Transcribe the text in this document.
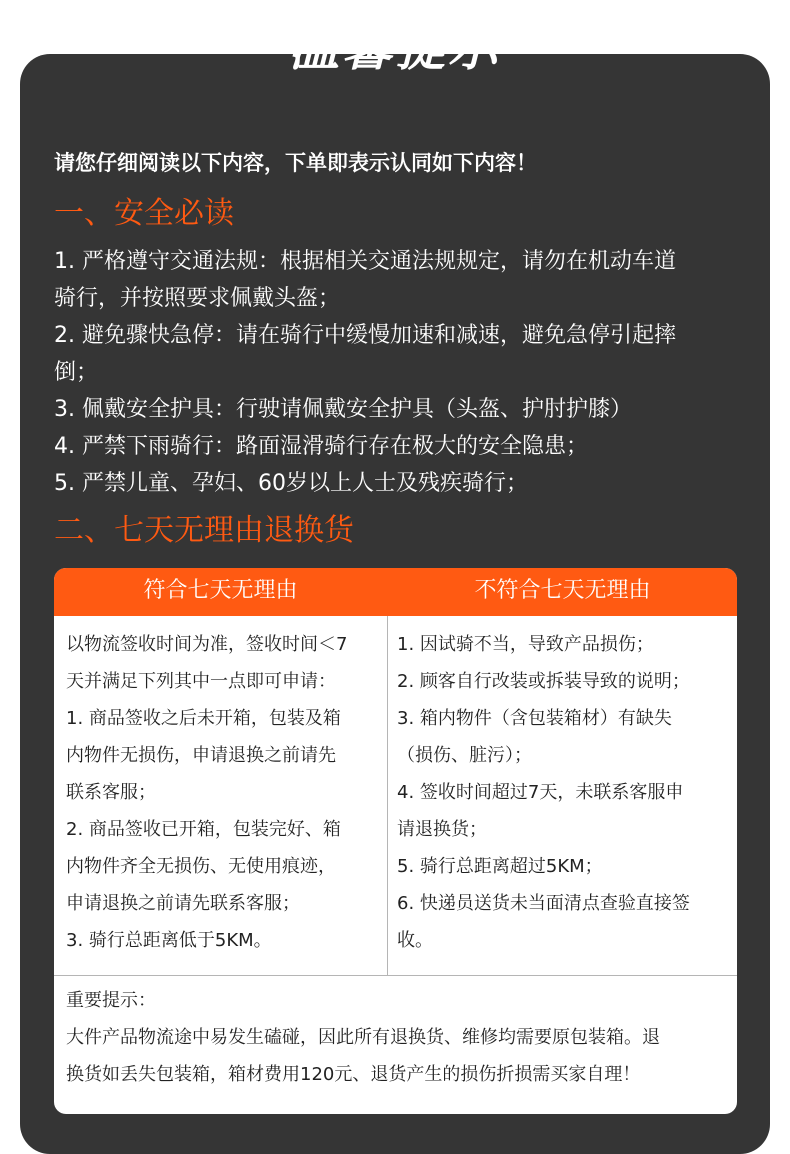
温馨提示
请您仔细阅读以下内容，下单即表示认同如下内容！
一、安全必读
1. 严格遵守交通法规：根据相关交通法规规定，请勿在机动车道
骑行，并按照要求佩戴头盔；
2. 避免骤快急停：请在骑行中缓慢加速和减速，避免急停引起摔
倒；
3. 佩戴安全护具：行驶请佩戴安全护具（头盔、护肘护膝）
4. 严禁下雨骑行：路面湿滑骑行存在极大的安全隐患；
5. 严禁儿童、孕妇、60岁以上人士及残疾骑行；
二、七天无理由退换货
符合七天无理由	不符合七天无理由
以物流签收时间为准，签收时间＜7
天并满足下列其中一点即可申请：
1. 商品签收之后未开箱，包装及箱
内物件无损伤，申请退换之前请先
联系客服；
2. 商品签收已开箱，包装完好、箱
内物件齐全无损伤、无使用痕迹，
申请退换之前请先联系客服；
3. 骑行总距离低于5KM。
1. 因试骑不当，导致产品损伤；
2. 顾客自行改装或拆装导致的说明；
3. 箱内物件（含包装箱材）有缺失
（损伤、脏污）；
4. 签收时间超过7天，未联系客服申
请退换货；
5. 骑行总距离超过5KM；
6. 快递员送货未当面清点查验直接签
收。
重要提示：
大件产品物流途中易发生磕碰，因此所有退换货、维修均需要原包装箱。退
换货如丢失包装箱，箱材费用120元、退货产生的损伤折损需买家自理！
